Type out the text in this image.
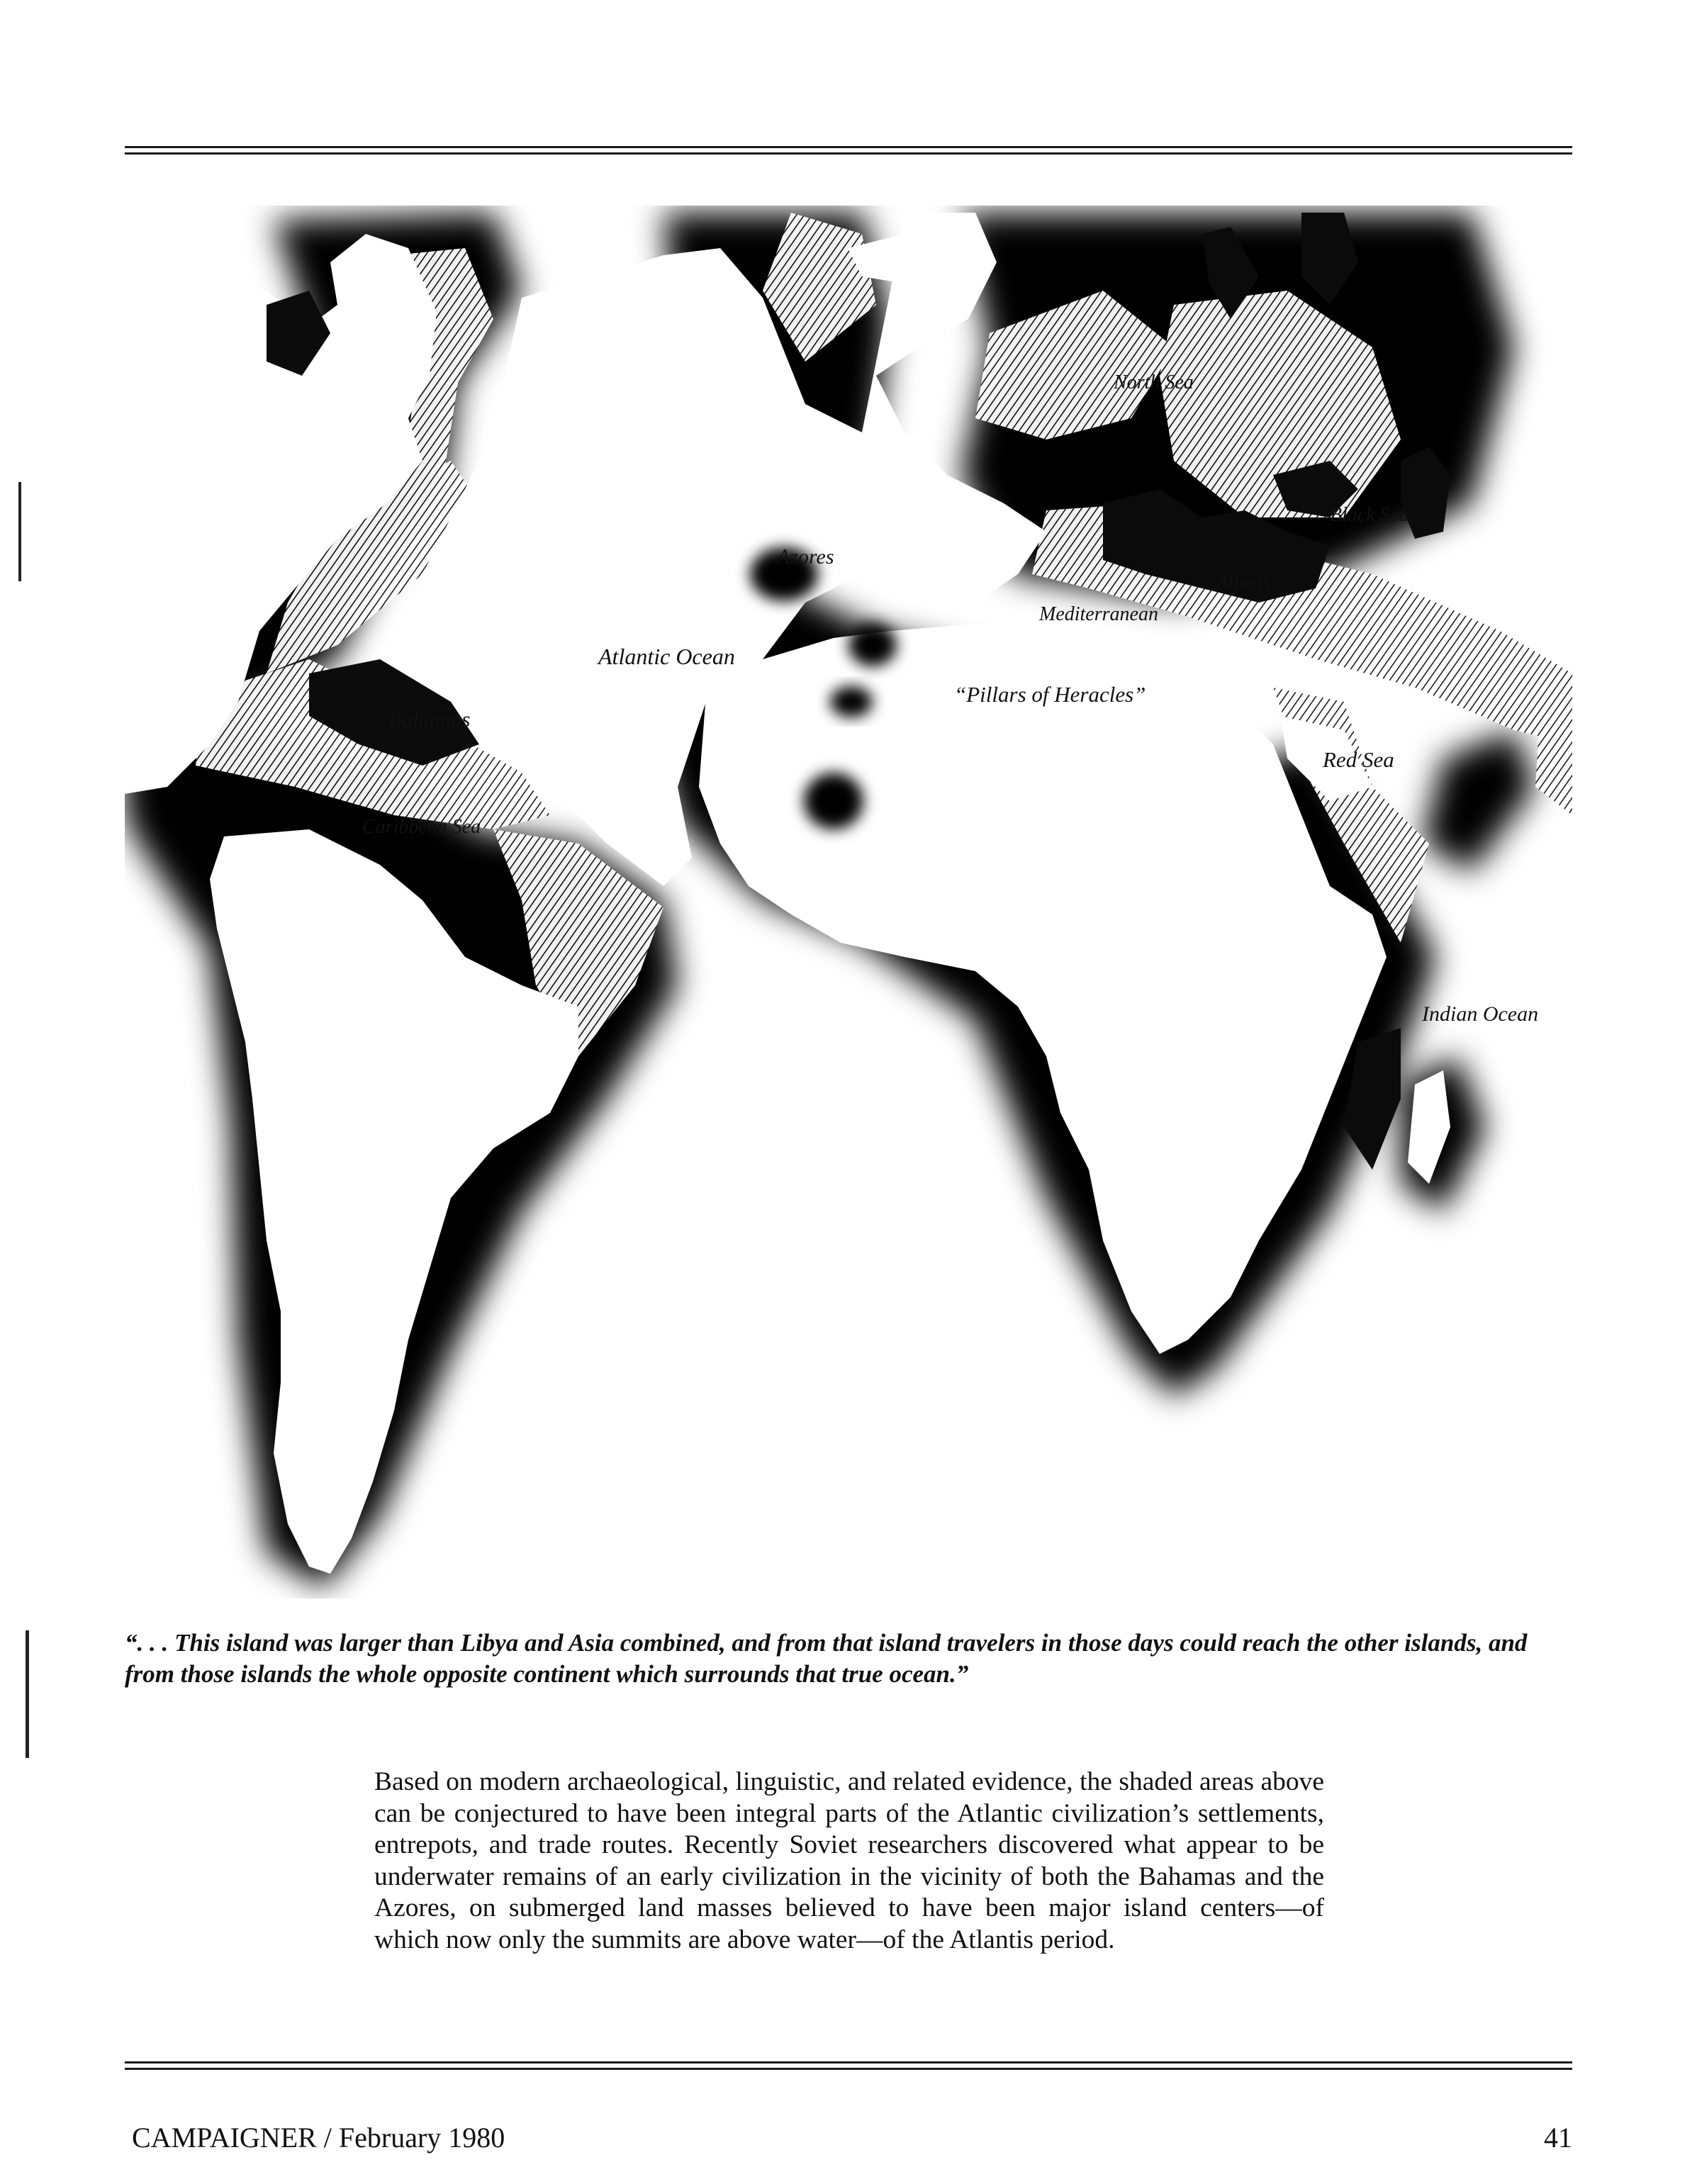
Azores
Atlantic Ocean
“Pillars of Heracles”
Bahamas
Caribbean Sea
North Sea
Black Sea
Athens
Mediterranean
Red Sea
Indian Ocean
“. . . This island was larger than Libya and Asia combined, and from that island travelers in those days could reach the other islands, and from those islands the whole opposite continent which surrounds that true ocean.”
Based on modern archaeological, linguistic, and related evidence, the shaded areas above can be conjectured to have been integral parts of the Atlantic civilization’s settlements, entrepots, and trade routes. Recently Soviet researchers discovered what appear to be underwater remains of an early civilization in the vicinity of both the Bahamas and the Azores, on submerged land masses believed to have been major island centers—of which now only the summits are above water—of the Atlantis period.
CAMPAIGNER / February 1980	41
